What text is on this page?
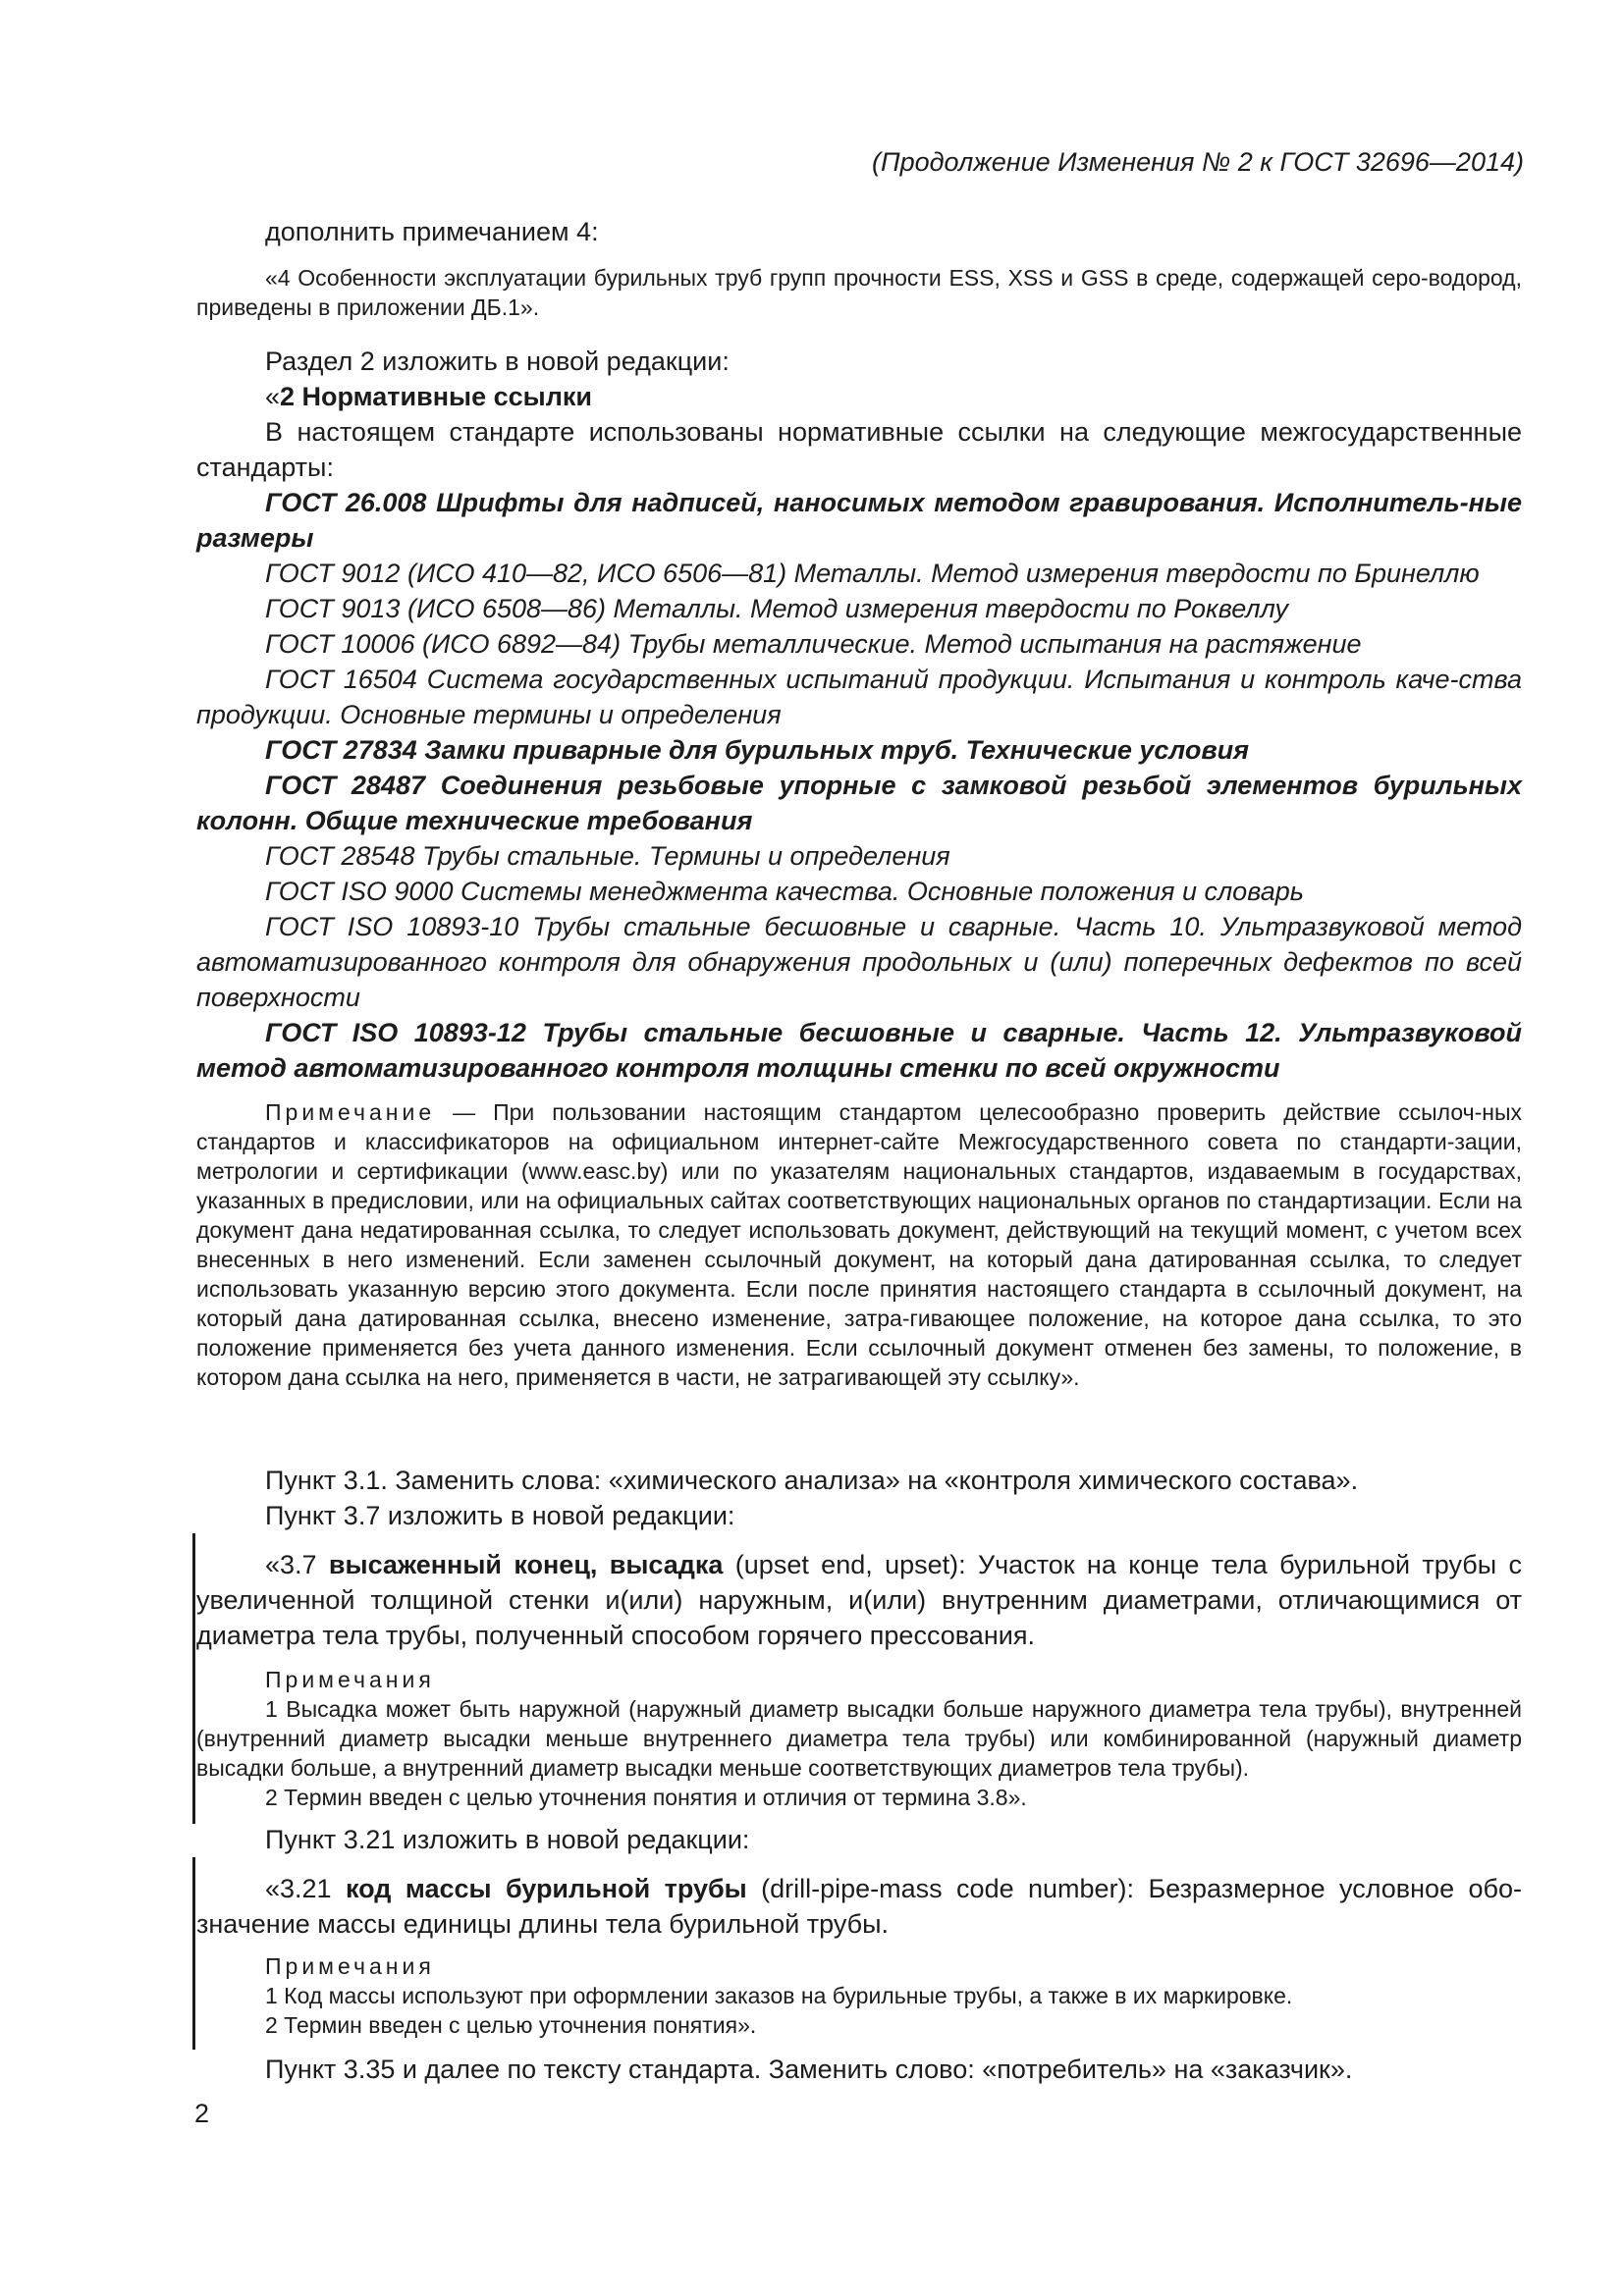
(Продолжение Изменения № 2 к ГОСТ 32696—2014)
дополнить примечанием 4:
«4 Особенности эксплуатации бурильных труб групп прочности ESS, XSS и GSS в среде, содержащей серо-водород, приведены в приложении ДБ.1».
Раздел 2 изложить в новой редакции:
«2 Нормативные ссылки
В настоящем стандарте использованы нормативные ссылки на следующие межгосударственные стандарты:
ГОСТ 26.008 Шрифты для надписей, наносимых методом гравирования. Исполнитель-ные размеры
ГОСТ 9012 (ИСО 410—82, ИСО 6506—81) Металлы. Метод измерения твердости по Бринеллю
ГОСТ 9013 (ИСО 6508—86) Металлы. Метод измерения твердости по Роквеллу
ГОСТ 10006 (ИСО 6892—84) Трубы металлические. Метод испытания на растяжение
ГОСТ 16504 Система государственных испытаний продукции. Испытания и контроль каче-ства продукции. Основные термины и определения
ГОСТ 27834 Замки приварные для бурильных труб. Технические условия
ГОСТ 28487 Соединения резьбовые упорные с замковой резьбой элементов бурильных колонн. Общие технические требования
ГОСТ 28548 Трубы стальные. Термины и определения
ГОСТ ISO 9000 Системы менеджмента качества. Основные положения и словарь
ГОСТ ISO 10893-10 Трубы стальные бесшовные и сварные. Часть 10. Ультразвуковой метод автоматизированного контроля для обнаружения продольных и (или) поперечных дефектов по всей поверхности
ГОСТ ISO 10893-12 Трубы стальные бесшовные и сварные. Часть 12. Ультразвуковой метод автоматизированного контроля толщины стенки по всей окружности
Примечание — При пользовании настоящим стандартом целесообразно проверить действие ссылоч-ных стандартов и классификаторов на официальном интернет-сайте Межгосударственного совета по стандарти-зации, метрологии и сертификации (www.easc.by) или по указателям национальных стандартов, издаваемым в государствах, указанных в предисловии, или на официальных сайтах соответствующих национальных органов по стандартизации. Если на документ дана недатированная ссылка, то следует использовать документ, действующий на текущий момент, с учетом всех внесенных в него изменений. Если заменен ссылочный документ, на который дана датированная ссылка, то следует использовать указанную версию этого документа. Если после принятия настоящего стандарта в ссылочный документ, на который дана датированная ссылка, внесено изменение, затра-гивающее положение, на которое дана ссылка, то это положение применяется без учета данного изменения. Если ссылочный документ отменен без замены, то положение, в котором дана ссылка на него, применяется в части, не затрагивающей эту ссылку».
Пункт 3.1. Заменить слова: «химического анализа» на «контроля химического состава».
Пункт 3.7 изложить в новой редакции:
«3.7 высаженный конец, высадка (upset end, upset): Участок на конце тела бурильной трубы с увеличенной толщиной стенки и(или) наружным, и(или) внутренним диаметрами, отличающимися от диаметра тела трубы, полученный способом горячего прессования.
Примечания
1 Высадка может быть наружной (наружный диаметр высадки больше наружного диаметра тела трубы), внутренней (внутренний диаметр высадки меньше внутреннего диаметра тела трубы) или комбинированной (наружный диаметр высадки больше, а внутренний диаметр высадки меньше соответствующих диаметров тела трубы).
2 Термин введен с целью уточнения понятия и отличия от термина 3.8».
Пункт 3.21 изложить в новой редакции:
«3.21 код массы бурильной трубы (drill-pipe-mass code number): Безразмерное условное обо-значение массы единицы длины тела бурильной трубы.
Примечания
1 Код массы используют при оформлении заказов на бурильные трубы, а также в их маркировке.
2 Термин введен с целью уточнения понятия».
Пункт 3.35 и далее по тексту стандарта. Заменить слово: «потребитель» на «заказчик».
2
